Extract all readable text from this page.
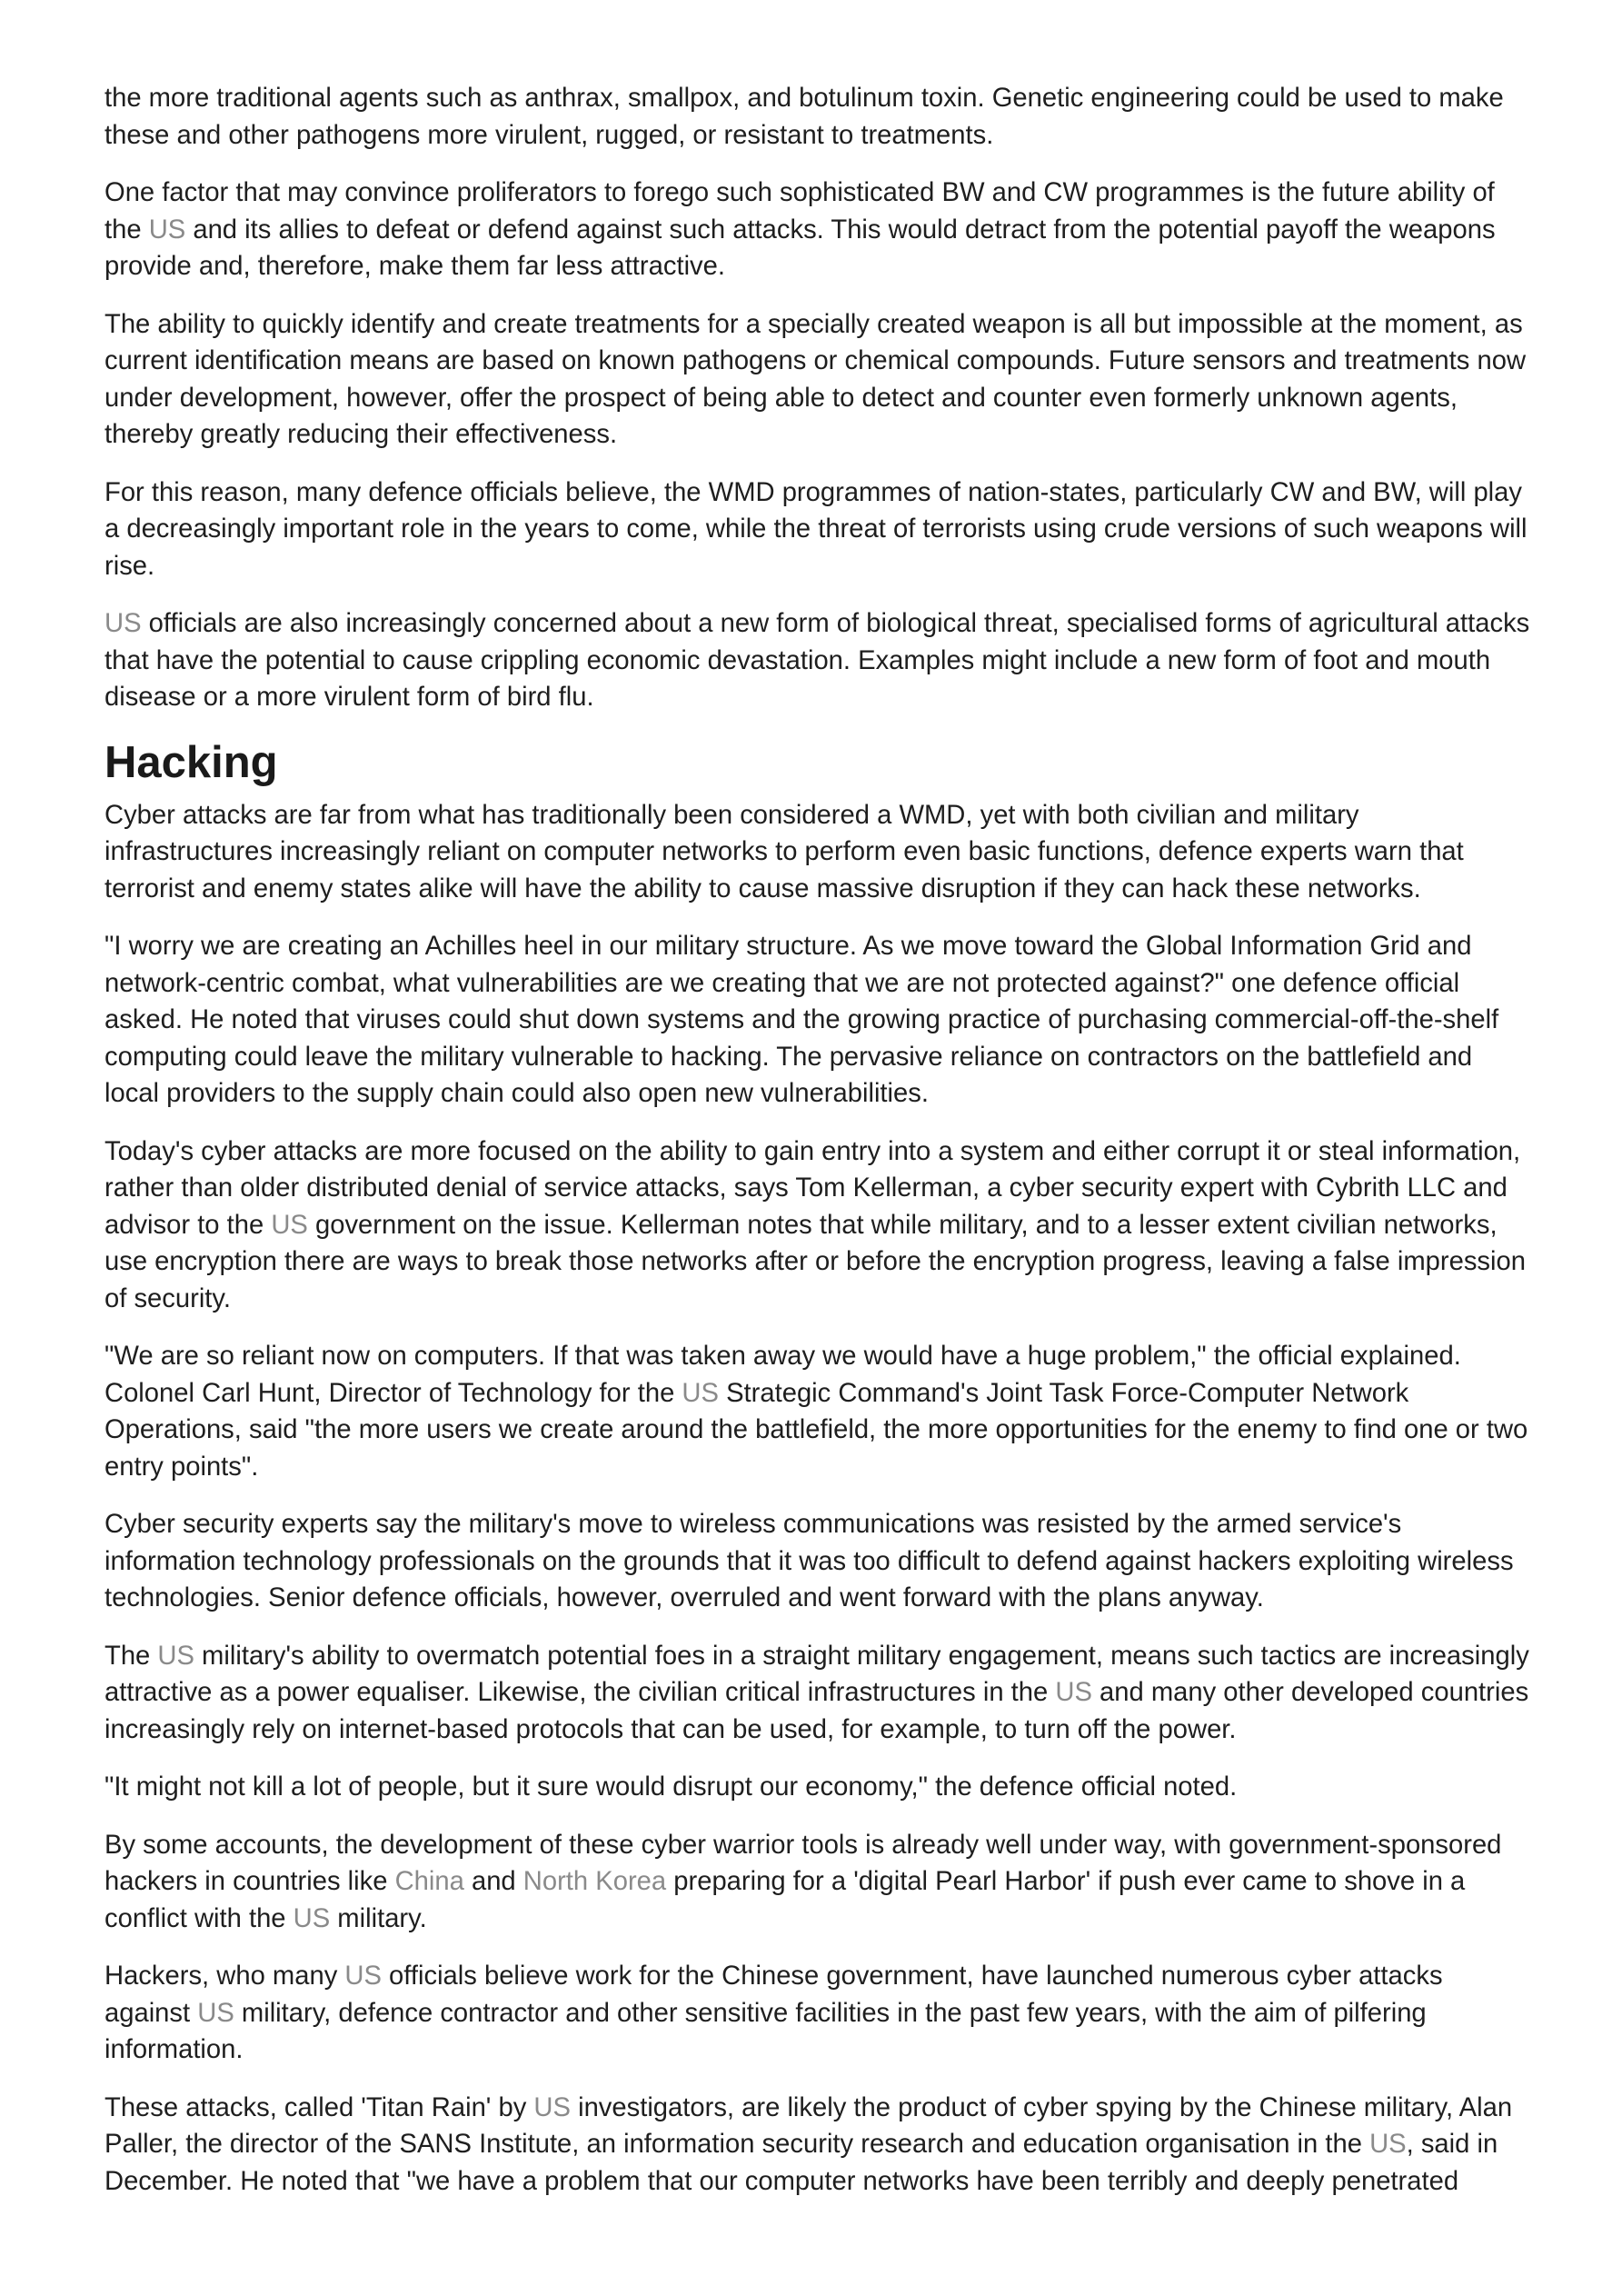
the more traditional agents such as anthrax, smallpox, and botulinum toxin. Genetic engineering could be used to make these and other pathogens more virulent, rugged, or resistant to treatments.

One factor that may convince proliferators to forego such sophisticated BW and CW programmes is the future ability of the US and its allies to defeat or defend against such attacks. This would detract from the potential payoff the weapons provide and, therefore, make them far less attractive.

The ability to quickly identify and create treatments for a specially created weapon is all but impossible at the moment, as current identification means are based on known pathogens or chemical compounds. Future sensors and treatments now under development, however, offer the prospect of being able to detect and counter even formerly unknown agents, thereby greatly reducing their effectiveness.

For this reason, many defence officials believe, the WMD programmes of nation-states, particularly CW and BW, will play a decreasingly important role in the years to come, while the threat of terrorists using crude versions of such weapons will rise.

US officials are also increasingly concerned about a new form of biological threat, specialised forms of agricultural attacks that have the potential to cause crippling economic devastation. Examples might include a new form of foot and mouth disease or a more virulent form of bird flu.

Hacking

Cyber attacks are far from what has traditionally been considered a WMD, yet with both civilian and military infrastructures increasingly reliant on computer networks to perform even basic functions, defence experts warn that terrorist and enemy states alike will have the ability to cause massive disruption if they can hack these networks.

"I worry we are creating an Achilles heel in our military structure. As we move toward the Global Information Grid and network-centric combat, what vulnerabilities are we creating that we are not protected against?" one defence official asked. He noted that viruses could shut down systems and the growing practice of purchasing commercial-off-the-shelf computing could leave the military vulnerable to hacking. The pervasive reliance on contractors on the battlefield and local providers to the supply chain could also open new vulnerabilities.

Today's cyber attacks are more focused on the ability to gain entry into a system and either corrupt it or steal information, rather than older distributed denial of service attacks, says Tom Kellerman, a cyber security expert with Cybrith LLC and advisor to the US government on the issue. Kellerman notes that while military, and to a lesser extent civilian networks, use encryption there are ways to break those networks after or before the encryption progress, leaving a false impression of security.

"We are so reliant now on computers. If that was taken away we would have a huge problem," the official explained. Colonel Carl Hunt, Director of Technology for the US Strategic Command's Joint Task Force-Computer Network Operations, said "the more users we create around the battlefield, the more opportunities for the enemy to find one or two entry points".

Cyber security experts say the military's move to wireless communications was resisted by the armed service's information technology professionals on the grounds that it was too difficult to defend against hackers exploiting wireless technologies. Senior defence officials, however, overruled and went forward with the plans anyway.

The US military's ability to overmatch potential foes in a straight military engagement, means such tactics are increasingly attractive as a power equaliser. Likewise, the civilian critical infrastructures in the US and many other developed countries increasingly rely on internet-based protocols that can be used, for example, to turn off the power.

"It might not kill a lot of people, but it sure would disrupt our economy," the defence official noted.

By some accounts, the development of these cyber warrior tools is already well under way, with government-sponsored hackers in countries like China and North Korea preparing for a 'digital Pearl Harbor' if push ever came to shove in a conflict with the US military.

Hackers, who many US officials believe work for the Chinese government, have launched numerous cyber attacks against US military, defence contractor and other sensitive facilities in the past few years, with the aim of pilfering information.

These attacks, called 'Titan Rain' by US investigators, are likely the product of cyber spying by the Chinese military, Alan Paller, the director of the SANS Institute, an information security research and education organisation in the US, said in December. He noted that "we have a problem that our computer networks have been terribly and deeply penetrated
